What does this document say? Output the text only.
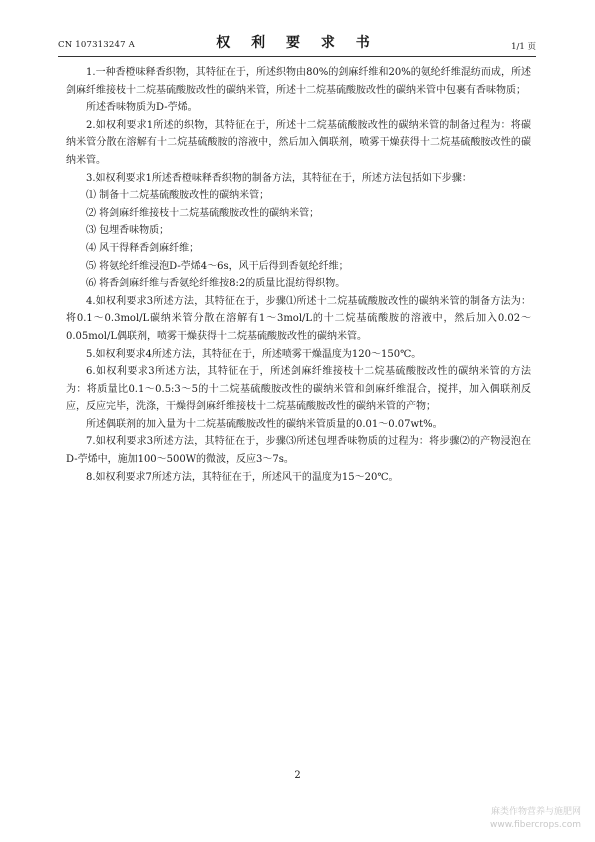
CN 107313247 A	权 利 要 求 书	1/1 页

1.一种香橙味释香织物，其特征在于，所述织物由80%的剑麻纤维和20%的氨纶纤维混纺而成，所述剑麻纤维接枝十二烷基硫酸胺改性的碳纳米管，所述十二烷基硫酸胺改性的碳纳米管中包裹有香味物质；

所述香味物质为D-苧烯。

2.如权利要求1所述的织物，其特征在于，所述十二烷基硫酸胺改性的碳纳米管的制备过程为：将碳纳米管分散在溶解有十二烷基硫酸胺的溶液中，然后加入偶联剂，喷雾干燥获得十二烷基硫酸胺改性的碳纳米管。

3.如权利要求1所述香橙味释香织物的制备方法，其特征在于，所述方法包括如下步骤：

⑴ 制备十二烷基硫酸胺改性的碳纳米管；

⑵ 将剑麻纤维接枝十二烷基硫酸胺改性的碳纳米管；

⑶ 包埋香味物质；

⑷ 风干得释香剑麻纤维；

⑸ 将氨纶纤维浸泡D-苧烯4～6s，风干后得到香氨纶纤维；

⑹ 将香剑麻纤维与香氨纶纤维按8:2的质量比混纺得织物。

4.如权利要求3所述方法，其特征在于，步骤⑴所述十二烷基硫酸胺改性的碳纳米管的制备方法为：将0.1～0.3mol/L碳纳米管分散在溶解有1～3mol/L的十二烷基硫酸胺的溶液中，然后加入0.02～0.05mol/L偶联剂，喷雾干燥获得十二烷基硫酸胺改性的碳纳米管。

5.如权利要求4所述方法，其特征在于，所述喷雾干燥温度为120～150℃。

6.如权利要求3所述方法，其特征在于，所述剑麻纤维接枝十二烷基硫酸胺改性的碳纳米管的方法为：将质量比0.1～0.5:3～5的十二烷基硫酸胺改性的碳纳米管和剑麻纤维混合，搅拌，加入偶联剂反应，反应完毕，洗涤，干燥得剑麻纤维接枝十二烷基硫酸胺改性的碳纳米管的产物；

所述偶联剂的加入量为十二烷基硫酸胺改性的碳纳米管质量的0.01～0.07wt%。

7.如权利要求3所述方法，其特征在于，步骤⑶所述包埋香味物质的过程为：将步骤⑵的产物浸泡在D-苧烯中，施加100～500W的微波，反应3～7s。

8.如权利要求7所述方法，其特征在于，所述风干的温度为15～20℃。

2
麻类作物营养与施肥网
www.fibercrops.com
